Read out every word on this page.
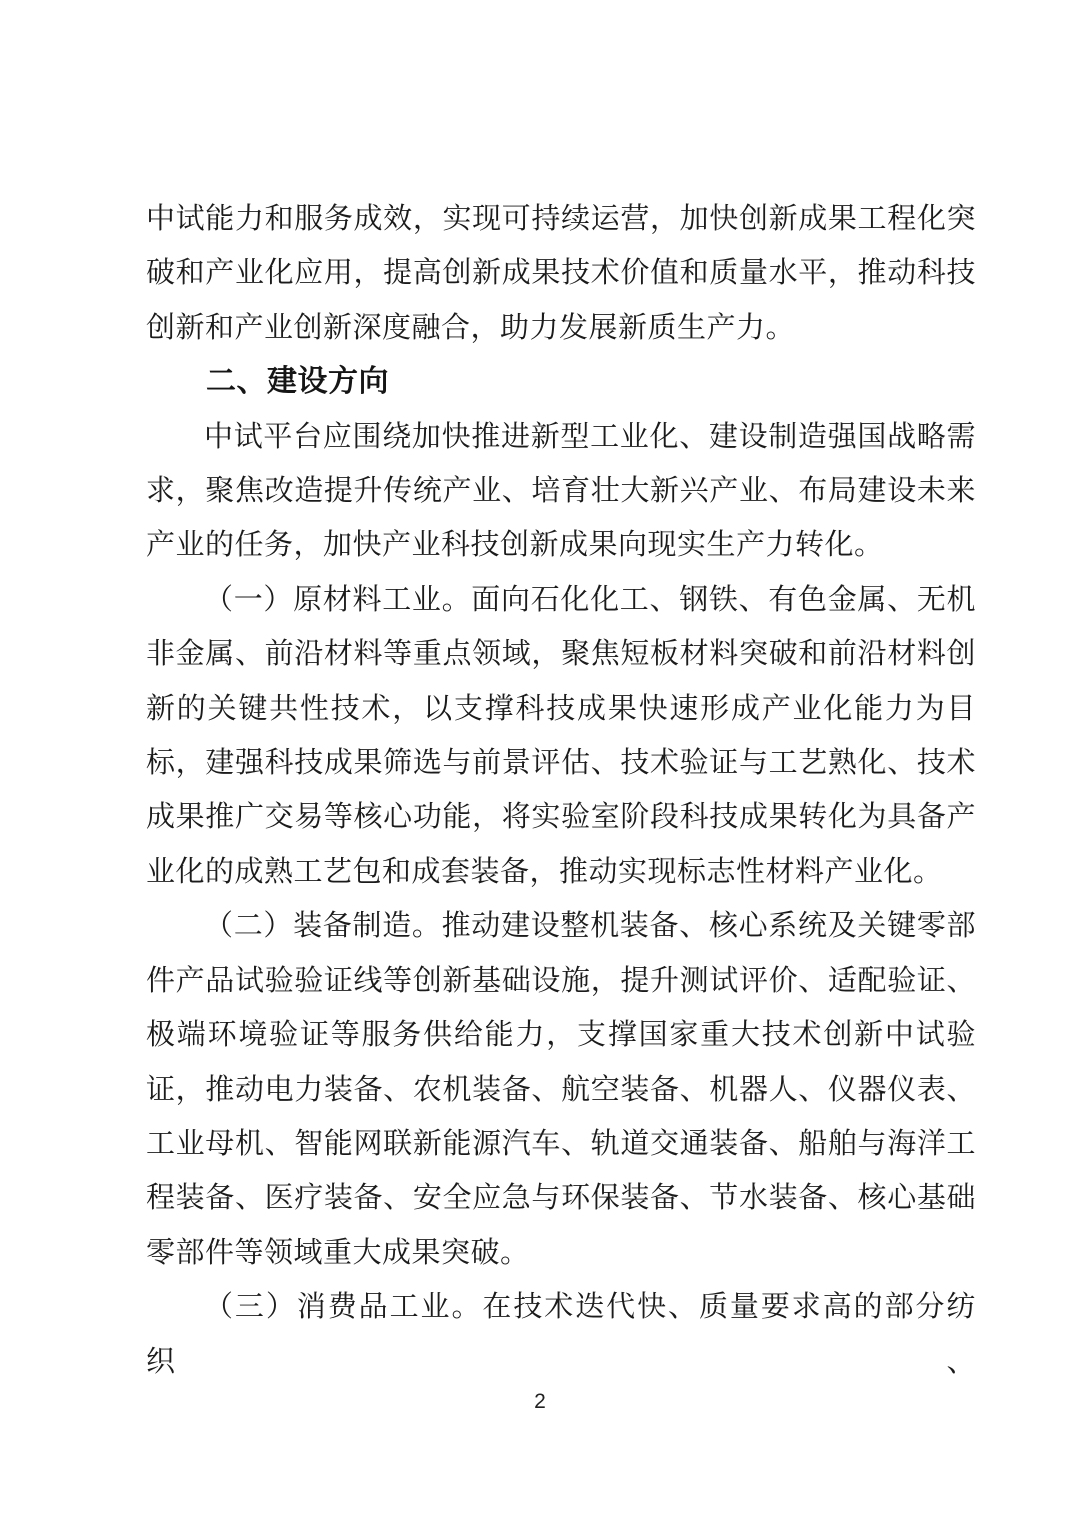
中试能力和服务成效，实现可持续运营，加快创新成果工程化突
破和产业化应用，提高创新成果技术价值和质量水平，推动科技
创新和产业创新深度融合，助力发展新质生产力。
二、建设方向
中试平台应围绕加快推进新型工业化、建设制造强国战略需
求，聚焦改造提升传统产业、培育壮大新兴产业、布局建设未来
产业的任务，加快产业科技创新成果向现实生产力转化。
（一）原材料工业。面向石化化工、钢铁、有色金属、无机
非金属、前沿材料等重点领域，聚焦短板材料突破和前沿材料创
新的关键共性技术，以支撑科技成果快速形成产业化能力为目
标，建强科技成果筛选与前景评估、技术验证与工艺熟化、技术
成果推广交易等核心功能，将实验室阶段科技成果转化为具备产
业化的成熟工艺包和成套装备，推动实现标志性材料产业化。
（二）装备制造。推动建设整机装备、核心系统及关键零部
件产品试验验证线等创新基础设施，提升测试评价、适配验证、
极端环境验证等服务供给能力，支撑国家重大技术创新中试验
证，推动电力装备、农机装备、航空装备、机器人、仪器仪表、
工业母机、智能网联新能源汽车、轨道交通装备、船舶与海洋工
程装备、医疗装备、安全应急与环保装备、节水装备、核心基础
零部件等领域重大成果突破。
（三）消费品工业。在技术迭代快、质量要求高的部分纺织、
2
